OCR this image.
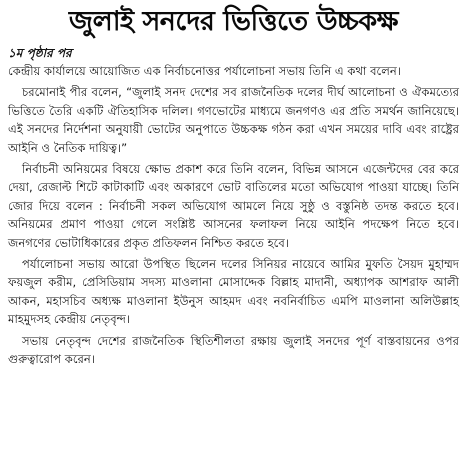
জুলাই সনদের ভিত্তিতে উচ্চকক্ষ
১ম পৃষ্ঠার পর

কেন্দ্রীয় কার্যালয়ে আয়োজিত এক নির্বাচনোত্তর পর্যালোচনা সভায় তিনি এ কথা বলেন।

চরমোনাই পীর বলেন, “জুলাই সনদ দেশের সব রাজনৈতিক দলের দীর্ঘ আলোচনা ও ঐকমত্যের ভিত্তিতে তৈরি একটি ঐতিহাসিক দলিল। গণভোটের মাধ্যমে জনগণও এর প্রতি সমর্থন জানিয়েছে। এই সনদের নির্দেশনা অনুযায়ী ভোটের অনুপাতে উচ্চকক্ষ গঠন করা এখন সময়ের দাবি এবং রাষ্ট্রের আইনি ও নৈতিক দায়িত্ব।”

নির্বাচনী অনিয়মের বিষয়ে ক্ষোভ প্রকাশ করে তিনি বলেন, বিভিন্ন আসনে এজেন্টদের বের করে দেয়া, রেজাল্ট শিটে কাটাকাটি এবং অকারণে ভোট বাতিলের মতো অভিযোগ পাওয়া যাচ্ছে। তিনি জোর দিয়ে বলেন : নির্বাচনী সকল অভিযোগ আমলে নিয়ে সুষ্ঠু ও বস্তুনিষ্ঠ তদন্ত করতে হবে। অনিয়মের প্রমাণ পাওয়া গেলে সংশ্লিষ্ট আসনের ফলাফল নিয়ে আইনি পদক্ষেপ নিতে হবে। জনগণের ভোটাধিকারের প্রকৃত প্রতিফলন নিশ্চিত করতে হবে।

পর্যালোচনা সভায় আরো উপস্থিত ছিলেন দলের সিনিয়র নায়েবে আমির মুফতি সৈয়দ মুহাম্মদ ফয়জুল করীম, প্রেসিডিয়াম সদস্য মাওলানা মোসাদ্দেক বিল্লাহ মাদানী, অধ্যাপক আশরাফ আলী আকন, মহাসচিব অধ্যক্ষ মাওলানা ইউনুস আহমদ এবং নবনির্বাচিত এমপি মাওলানা অলিউল্লাহ মাহমুদসহ কেন্দ্রীয় নেতৃবৃন্দ।

সভায় নেতৃবৃন্দ দেশের রাজনৈতিক স্থিতিশীলতা রক্ষায় জুলাই সনদের পূর্ণ বাস্তবায়নের ওপর গুরুত্বারোপ করেন।
